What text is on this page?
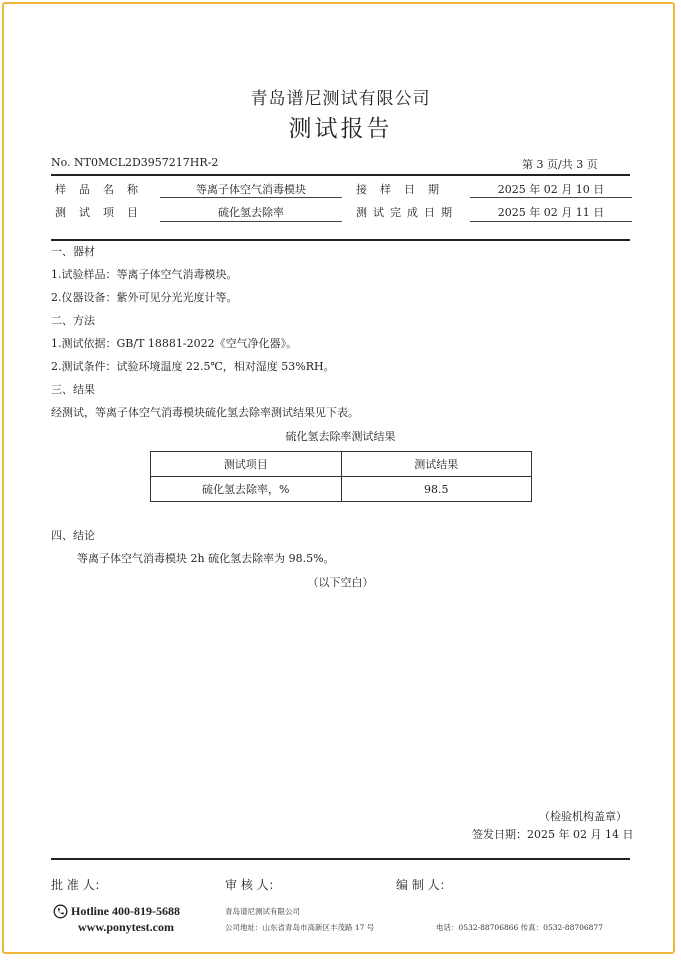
青岛谱尼测试有限公司
测试报告
No. NT0MCL2D3957217HR-2	第 3 页/共 3 页
样品名称	等离子体空气消毒模块	接样日期	2025 年 02 月 10 日
测试项目	硫化氢去除率	测试完成日期	2025 年 02 月 11 日
一、器材
1.试验样品：等离子体空气消毒模块。
2.仪器设备：紫外可见分光光度计等。
二、方法
1.测试依据：GB/T 18881-2022《空气净化器》。
2.测试条件：试验环境温度 22.5℃，相对湿度 53%RH。
三、结果
经测试，等离子体空气消毒模块硫化氢去除率测试结果见下表。
硫化氢去除率测试结果
测试项目	测试结果
硫化氢去除率，%	98.5
四、结论
等离子体空气消毒模块 2h 硫化氢去除率为 98.5%。
（以下空白）
（检验机构盖章）
签发日期：2025 年 02 月 14 日
批 准 人：	审 核 人：	编 制 人：
Hotline 400-819-5688
www.ponytest.com
青岛谱尼测试有限公司
公司地址：山东省青岛市高新区丰茂路 17 号	电话：0532-88706866 传真：0532-88706877
